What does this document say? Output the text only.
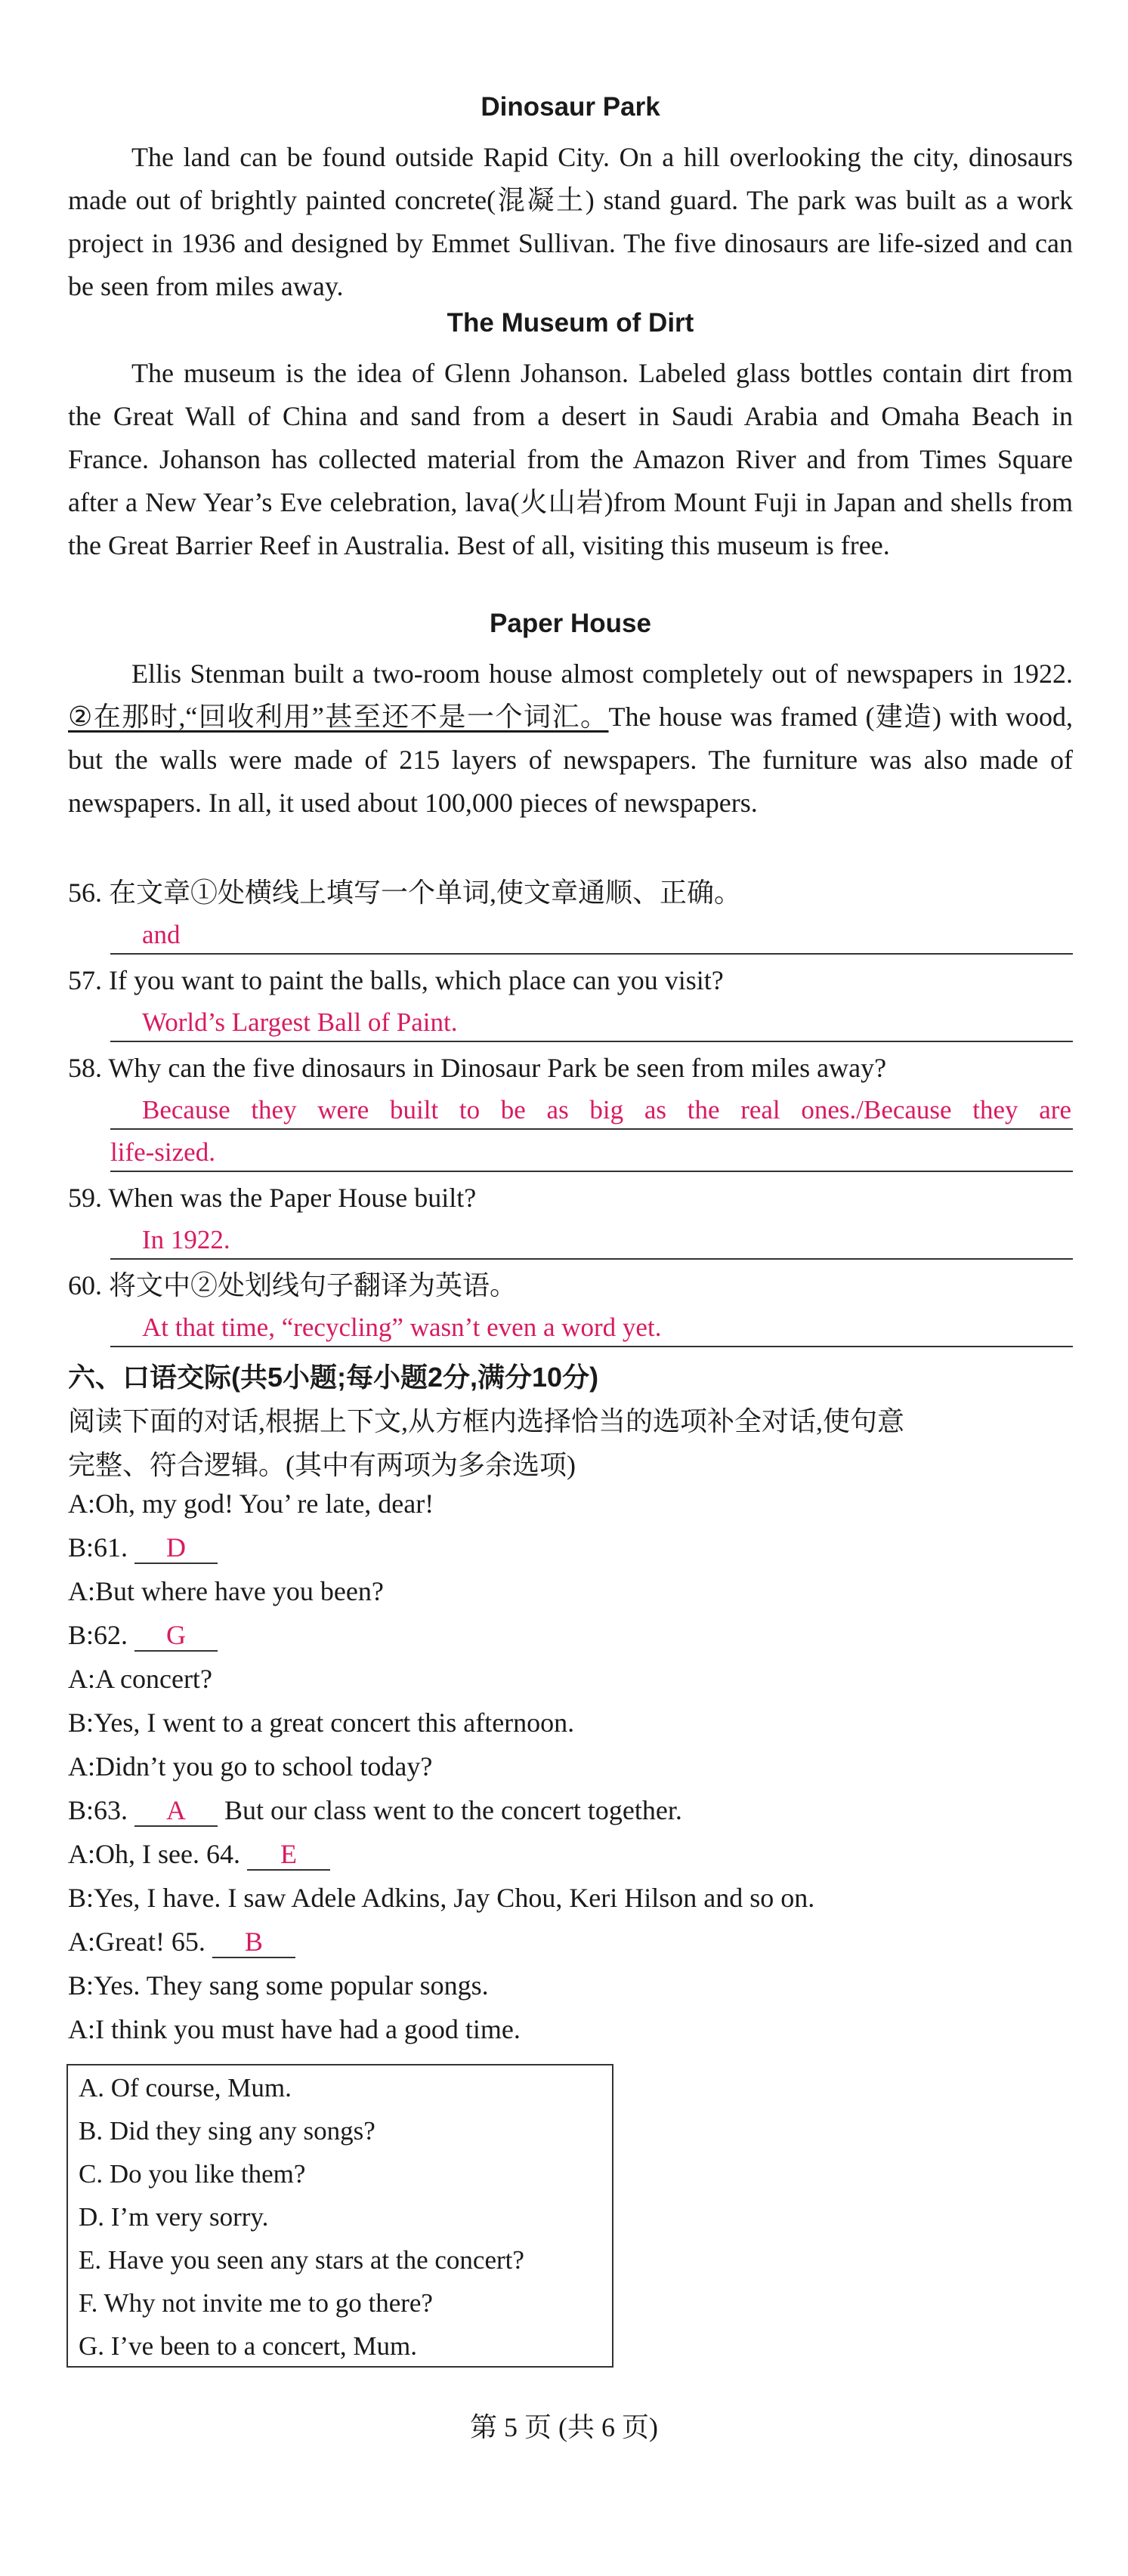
Dinosaur Park
The land can be found outside Rapid City. On a hill overlooking the city, dinosaurs made out of brightly painted concrete(混凝土) stand guard. The park was built as a work project in 1936 and designed by Emmet Sullivan. The five dinosaurs are life-sized and can be seen from miles away.
The Museum of Dirt
The museum is the idea of Glenn Johanson. Labeled glass bottles contain dirt from the Great Wall of China and sand from a desert in Saudi Arabia and Omaha Beach in France. Johanson has collected material from the Amazon River and from Times Square after a New Year’s Eve celebration, lava(火山岩)from Mount Fuji in Japan and shells from the Great Barrier Reef in Australia. Best of all, visiting this museum is free.
Paper House
Ellis Stenman built a two-room house almost completely out of newspapers in 1922. ②在那时,“回收利用”甚至还不是一个词汇。The house was framed (建造) with wood, but the walls were made of 215 layers of newspapers. The furniture was also made of newspapers. In all, it used about 100,000 pieces of newspapers.
56. 在文章①处横线上填写一个单词,使文章通顺、正确。
and
57. If you want to paint the balls, which place can you visit?
World’s Largest Ball of Paint.
58. Why can the five dinosaurs in Dinosaur Park be seen from miles away?
Because they were built to be as big as the real ones./Because they are
life-sized.
59. When was the Paper House built?
In 1922.
60. 将文中②处划线句子翻译为英语。
At that time, “recycling” wasn’t even a word yet.
六、口语交际(共5小题;每小题2分,满分10分)
阅读下面的对话,根据上下文,从方框内选择恰当的选项补全对话,使句意
完整、符合逻辑。(其中有两项为多余选项)
A:Oh, my god! You’ re late, dear!
B:61. D
A:But where have you been?
B:62. G
A:A concert?
B:Yes, I went to a great concert this afternoon.
A:Didn’t you go to school today?
B:63. A But our class went to the concert together.
A:Oh, I see. 64. E
B:Yes, I have. I saw Adele Adkins, Jay Chou, Keri Hilson and so on.
A:Great! 65. B
B:Yes. They sang some popular songs.
A:I think you must have had a good time.
A. Of course, Mum.
B. Did they sing any songs?
C. Do you like them?
D. I’m very sorry.
E. Have you seen any stars at the concert?
F. Why not invite me to go there?
G. I’ve been to a concert, Mum.
第 5 页 (共 6 页)
